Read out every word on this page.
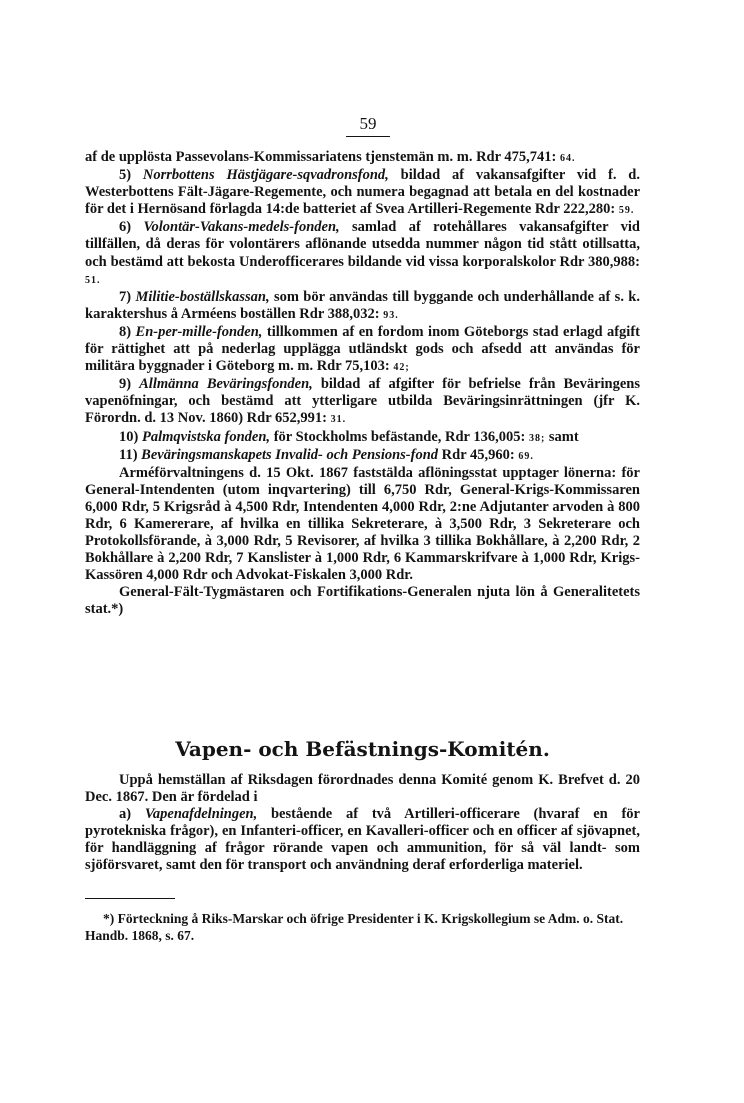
59

af de upplösta Passevolans-Kommissariatens tjenstemän m. m. Rdr 475,741: 64.

5) Norrbottens Hästjägare-sqvadronsfond, bildad af vakansafgifter vid f. d. Westerbottens Fält-Jägare-Regemente, och numera begagnad att betala en del kostnader för det i Hernösand förlagda 14:de batteriet af Svea Artilleri-Regemente Rdr 222,280: 59.

6) Volontär-Vakans-medels-fonden, samlad af rotehållares vakansafgifter vid tillfällen, då deras för volontärers aflönande utsedda nummer någon tid stått otillsatta, och bestämd att bekosta Underofficerares bildande vid vissa korporalskolor Rdr 380,988: 51.

7) Militie-boställskassan, som bör användas till byggande och underhållande af s. k. karaktershus å Arméens boställen Rdr 388,032: 93.

8) En-per-mille-fonden, tillkommen af en fordom inom Göteborgs stad erlagd afgift för rättighet att på nederlag upplägga utländskt gods och afsedd att användas för militära byggnader i Göteborg m. m. Rdr 75,103: 42;

9) Allmänna Beväringsfonden, bildad af afgifter för befrielse från Beväringens vapenöfningar, och bestämd att ytterligare utbilda Beväringsinrättningen (jfr K. Förordn. d. 13 Nov. 1860) Rdr 652,991: 31.

10) Palmqvistska fonden, för Stockholms befästande, Rdr 136,005: 38; samt

11) Beväringsmanskapets Invalid- och Pensions-fond Rdr 45,960: 69.

Arméförvaltningens d. 15 Okt. 1867 faststälda aflöningsstat upptager lönerna: för General-Intendenten (utom inqvartering) till 6,750 Rdr, General-Krigs-Kommissaren 6,000 Rdr, 5 Krigsråd à 4,500 Rdr, Intendenten 4,000 Rdr, 2:ne Adjutanter arvoden à 800 Rdr, 6 Kamererare, af hvilka en tillika Sekreterare, à 3,500 Rdr, 3 Sekreterare och Protokollsförande, à 3,000 Rdr, 5 Revisorer, af hvilka 3 tillika Bokhållare, à 2,200 Rdr, 2 Bokhållare à 2,200 Rdr, 7 Kanslister à 1,000 Rdr, 6 Kammarskrifvare à 1,000 Rdr, Krigs-Kassören 4,000 Rdr och Advokat-Fiskalen 3,000 Rdr.

General-Fält-Tygmästaren och Fortifikations-Generalen njuta lön å Generalitetets stat.*)

Vapen- och Befästnings-Komitén.

Uppå hemställan af Riksdagen förordnades denna Komité genom K. Brefvet d. 20 Dec. 1867. Den är fördelad i

a) Vapenafdelningen, bestående af två Artilleri-officerare (hvaraf en för pyrotekniska frågor), en Infanteri-officer, en Kavalleri-officer och en officer af sjövapnet, för handläggning af frågor rörande vapen och ammunition, för så väl landt- som sjöförsvaret, samt den för transport och användning deraf erforderliga materiel.

*) Förteckning å Riks-Marskar och öfrige Presidenter i K. Krigskollegium se Adm. o. Stat. Handb. 1868, s. 67.
